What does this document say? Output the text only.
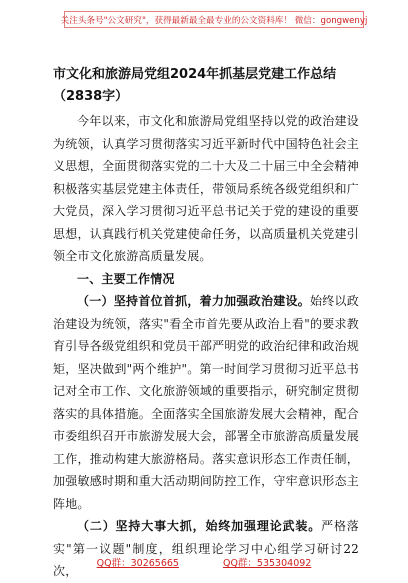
关注头条号"公文研究"，获得最新最全最专业的公文资料库！ 微信：gongwenyj
市文化和旅游局党组2024年抓基层党建工作总结（2838字）

今年以来，市文化和旅游局党组坚持以党的政治建设为统领，认真学习贯彻落实习近平新时代中国特色社会主义思想，全面贯彻落实党的二十大及二十届三中全会精神积极落实基层党建主体责任，带领局系统各级党组织和广大党员，深入学习贯彻习近平总书记关于党的建设的重要思想，认真践行机关党建使命任务，以高质量机关党建引领全市文化旅游高质量发展。

一、主要工作情况

（一）坚持首位首抓，着力加强政治建设。始终以政治建设为统领，落实"看全市首先要从政治上看"的要求教育引导各级党组织和党员干部严明党的政治纪律和政治规矩，坚决做到"两个维护"。第一时间学习贯彻习近平总书记对全市工作、文化旅游领域的重要指示，研究制定贯彻落实的具体措施。全面落实全国旅游发展大会精神，配合市委组织召开市旅游发展大会，部署全市旅游高质量发展工作，推动构建大旅游格局。落实意识形态工作责任制，加强敏感时期和重大活动期间防控工作，守牢意识形态主阵地。

（二）坚持大事大抓，始终加强理论武装。严格落实"第一议题"制度，组织理论学习中心组学习研讨22次，

QQ群：30265665	QQ群：535304092
